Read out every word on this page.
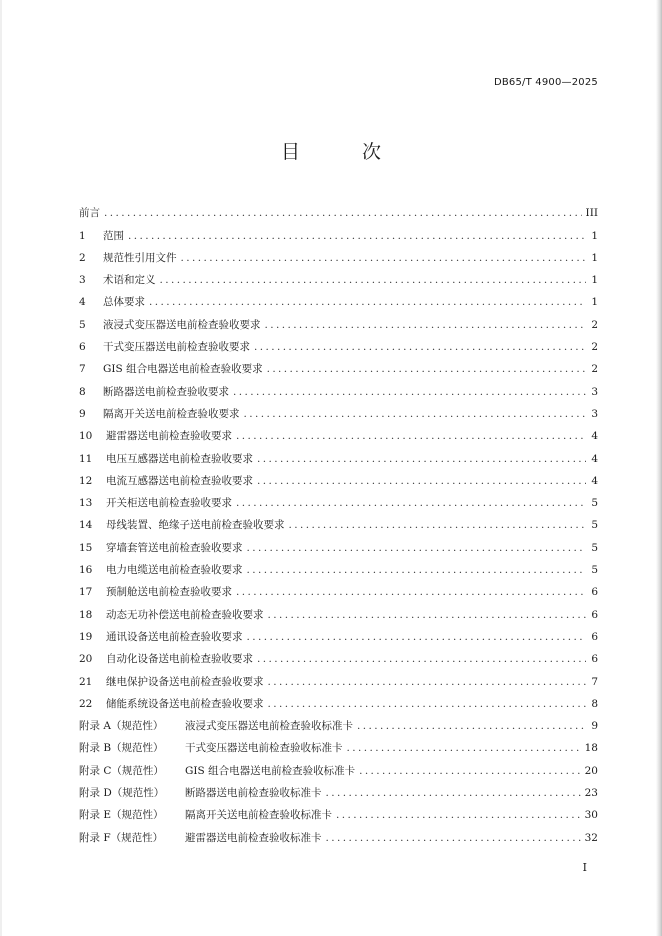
DB65/T 4900—2025
目 次
前言 .....	III
1	范围 .....	1
2	规范性引用文件 .....	1
3	术语和定义 .....	1
4	总体要求 .....	1
5	液浸式变压器送电前检查验收要求 .....	2
6	干式变压器送电前检查验收要求 .....	2
7	GIS 组合电器送电前检查验收要求 .....	2
8	断路器送电前检查验收要求 .....	3
9	隔离开关送电前检查验收要求 .....	3
10	避雷器送电前检查验收要求 .....	4
11	电压互感器送电前检查验收要求 .....	4
12	电流互感器送电前检查验收要求 .....	4
13	开关柜送电前检查验收要求 .....	5
14	母线装置、绝缘子送电前检查验收要求 .....	5
15	穿墙套管送电前检查验收要求 .....	5
16	电力电缆送电前检查验收要求 .....	5
17	预制舱送电前检查验收要求 .....	6
18	动态无功补偿送电前检查验收要求 .....	6
19	通讯设备送电前检查验收要求 .....	6
20	自动化设备送电前检查验收要求 .....	6
21	继电保护设备送电前检查验收要求 .....	7
22	储能系统设备送电前检查验收要求 .....	8
附录 A（规范性）	液浸式变压器送电前检查验收标准卡 .....	9
附录 B（规范性）	干式变压器送电前检查验收标准卡 .....	18
附录 C（规范性）	GIS 组合电器送电前检查验收标准卡 .....	20
附录 D（规范性）	断路器送电前检查验收标准卡 .....	23
附录 E（规范性）	隔离开关送电前检查验收标准卡 .....	30
附录 F（规范性）	避雷器送电前检查验收标准卡 .....	32
I
